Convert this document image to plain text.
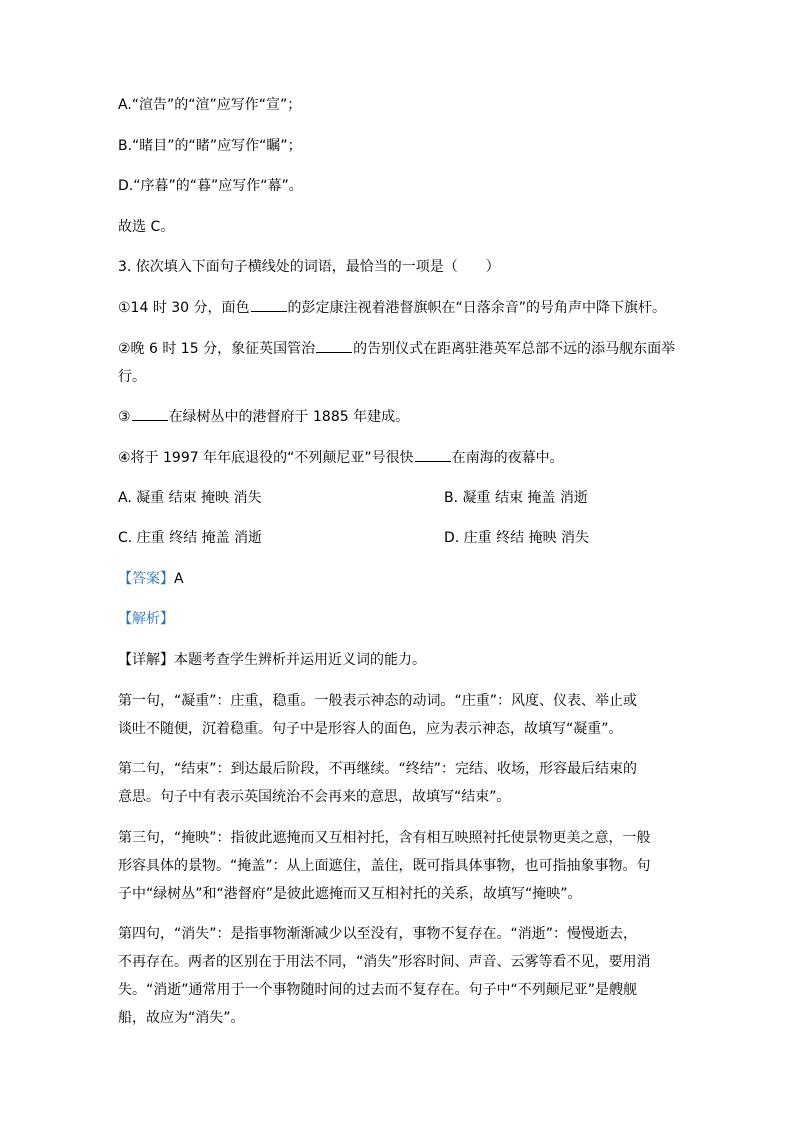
A.“渲告”的“渲”应写作“宣”；
B.“睹目”的“睹”应写作“瞩”；
D.“序暮”的“暮”应写作“幕”。
故选 C。
3. 依次填入下面句子横线处的词语，最恰当的一项是（　　）
①14 时 30 分，面色	的彭定康注视着港督旗帜在“日落余音”的号角声中降下旗杆。
②晚 6 时 15 分，象征英国管治	的告别仪式在距离驻港英军总部不远的添马舰东面举
行。
③	在绿树丛中的港督府于 1885 年建成。
④将于 1997 年年底退役的“不列颠尼亚”号很快	在南海的夜幕中。
A. 凝重 结束 掩映 消失	B. 凝重 结束 掩盖 消逝
C. 庄重 终结 掩盖 消逝	D. 庄重 终结 掩映 消失
【答案】A
【解析】
【详解】本题考查学生辨析并运用近义词的能力。
第一句，“凝重”：庄重，稳重。一般表示神态的动词。“庄重”：风度、仪表、举止或
谈吐不随便，沉着稳重。句子中是形容人的面色，应为表示神态，故填写“凝重”。
第二句，“结束”：到达最后阶段，不再继续。“终结”：完结、收场，形容最后结束的
意思。句子中有表示英国统治不会再来的意思，故填写“结束”。
第三句，“掩映”：指彼此遮掩而又互相衬托，含有相互映照衬托使景物更美之意，一般
形容具体的景物。“掩盖”：从上面遮住，盖住，既可指具体事物，也可指抽象事物。句
子中“绿树丛”和“港督府”是彼此遮掩而又互相衬托的关系，故填写“掩映”。
第四句，“消失”：是指事物渐渐减少以至没有，事物不复存在。“消逝”：慢慢逝去，
不再存在。两者的区别在于用法不同，“消失”形容时间、声音、云雾等看不见，要用消
失。“消逝”通常用于一个事物随时间的过去而不复存在。句子中“不列颠尼亚”是艘舰
船，故应为“消失”。
